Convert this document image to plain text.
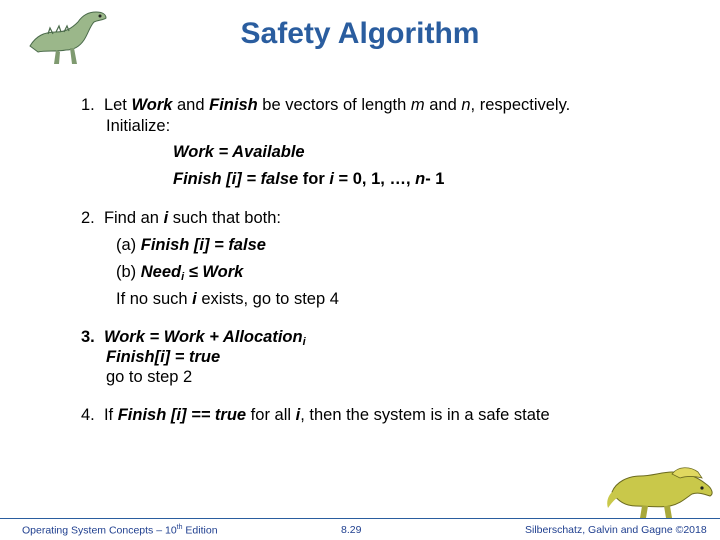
Safety Algorithm
1. Let Work and Finish be vectors of length m and n, respectively.
Initialize:
Work = Available
Finish [i] = false for i = 0, 1, …, n- 1
2. Find an i such that both:
(a) Finish [i] = false
(b) Need$_i$ ≤ Work
If no such i exists, go to step 4
3. Work = Work + Allocation$_i$
Finish[i] = true
go to step 2
4. If Finish [i] == true for all i, then the system is in a safe state
Operating System Concepts – 10th Edition	8.29	Silberschatz, Galvin and Gagne ©2018
